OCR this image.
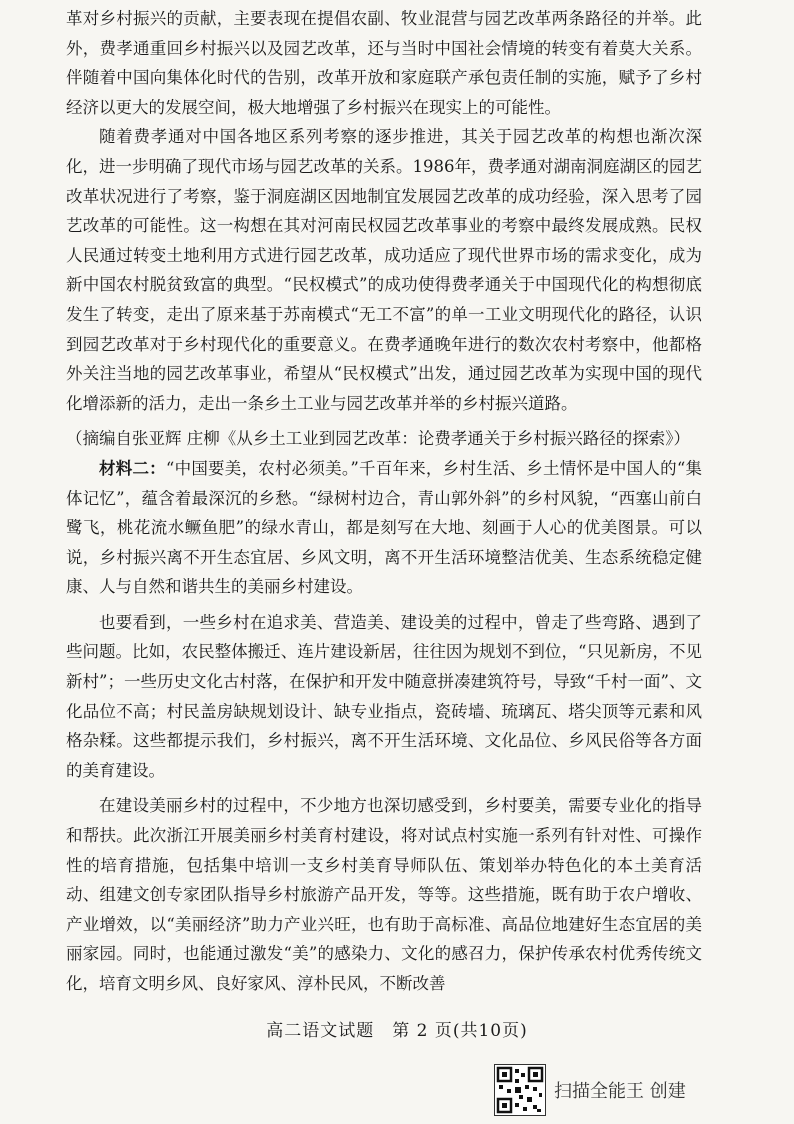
革对乡村振兴的贡献，主要表现在提倡农副、牧业混营与园艺改革两条路径的并举。此外，费孝通重回乡村振兴以及园艺改革，还与当时中国社会情境的转变有着莫大关系。伴随着中国向集体化时代的告别，改革开放和家庭联产承包责任制的实施，赋予了乡村经济以更大的发展空间，极大地增强了乡村振兴在现实上的可能性。

随着费孝通对中国各地区系列考察的逐步推进，其关于园艺改革的构想也渐次深化，进一步明确了现代市场与园艺改革的关系。1986年，费孝通对湖南洞庭湖区的园艺改革状况进行了考察，鉴于洞庭湖区因地制宜发展园艺改革的成功经验，深入思考了园艺改革的可能性。这一构想在其对河南民权园艺改革事业的考察中最终发展成熟。民权人民通过转变土地利用方式进行园艺改革，成功适应了现代世界市场的需求变化，成为新中国农村脱贫致富的典型。“民权模式”的成功使得费孝通关于中国现代化的构想彻底发生了转变，走出了原来基于苏南模式“无工不富”的单一工业文明现代化的路径，认识到园艺改革对于乡村现代化的重要意义。在费孝通晚年进行的数次农村考察中，他都格外关注当地的园艺改革事业，希望从“民权模式”出发，通过园艺改革为实现中国的现代化增添新的活力，走出一条乡土工业与园艺改革并举的乡村振兴道路。

（摘编自张亚辉 庄柳《从乡土工业到园艺改革：论费孝通关于乡村振兴路径的探索》）

材料二：“中国要美，农村必须美。”千百年来，乡村生活、乡土情怀是中国人的“集体记忆”，蕴含着最深沉的乡愁。“绿树村边合，青山郭外斜”的乡村风貌，“西塞山前白鹭飞，桃花流水鳜鱼肥”的绿水青山，都是刻写在大地、刻画于人心的优美图景。可以说，乡村振兴离不开生态宜居、乡风文明，离不开生活环境整洁优美、生态系统稳定健康、人与自然和谐共生的美丽乡村建设。

也要看到，一些乡村在追求美、营造美、建设美的过程中，曾走了些弯路、遇到了些问题。比如，农民整体搬迁、连片建设新居，往往因为规划不到位，“只见新房，不见新村”；一些历史文化古村落，在保护和开发中随意拼凑建筑符号，导致“千村一面”、文化品位不高；村民盖房缺规划设计、缺专业指点，瓷砖墙、琉璃瓦、塔尖顶等元素和风格杂糅。这些都提示我们，乡村振兴，离不开生活环境、文化品位、乡风民俗等各方面的美育建设。

在建设美丽乡村的过程中，不少地方也深切感受到，乡村要美，需要专业化的指导和帮扶。此次浙江开展美丽乡村美育村建设，将对试点村实施一系列有针对性、可操作性的培育措施，包括集中培训一支乡村美育导师队伍、策划举办特色化的本土美育活动、组建文创专家团队指导乡村旅游产品开发，等等。这些措施，既有助于农户增收、产业增效，以“美丽经济”助力产业兴旺，也有助于高标准、高品位地建好生态宜居的美丽家园。同时，也能通过激发“美”的感染力、文化的感召力，保护传承农村优秀传统文化，培育文明乡风、良好家风、淳朴民风，不断改善

高二语文试题　第 2 页(共10页)
扫描全能王 创建
